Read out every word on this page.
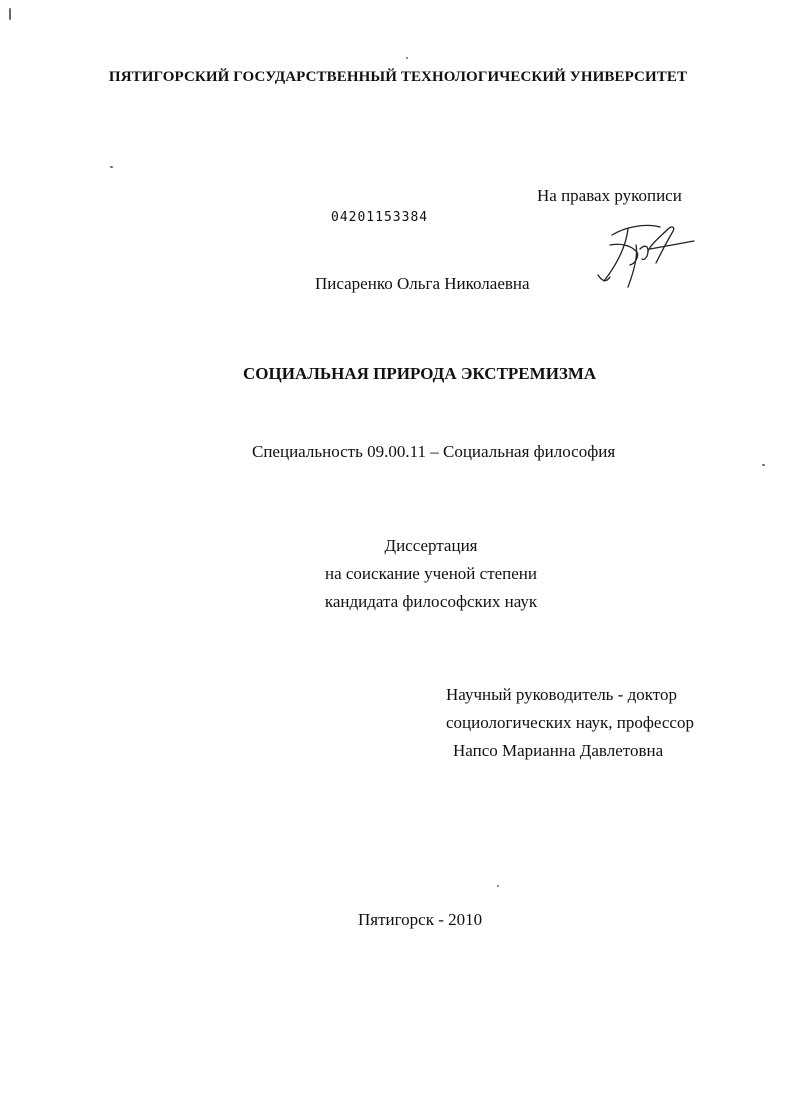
ПЯТИГОРСКИЙ ГОСУДАРСТВЕННЫЙ ТЕХНОЛОГИЧЕСКИЙ УНИВЕРСИТЕТ
На правах рукописи
04201153384
Писаренко Ольга Николаевна
СОЦИАЛЬНАЯ ПРИРОДА ЭКСТРЕМИЗМА
Специальность 09.00.11 – Социальная философия
Диссертация
на соискание ученой степени
кандидата философских наук
Научный руководитель - доктор
социологических наук, профессор
Напсо Марианна Давлетовна
Пятигорск - 2010
